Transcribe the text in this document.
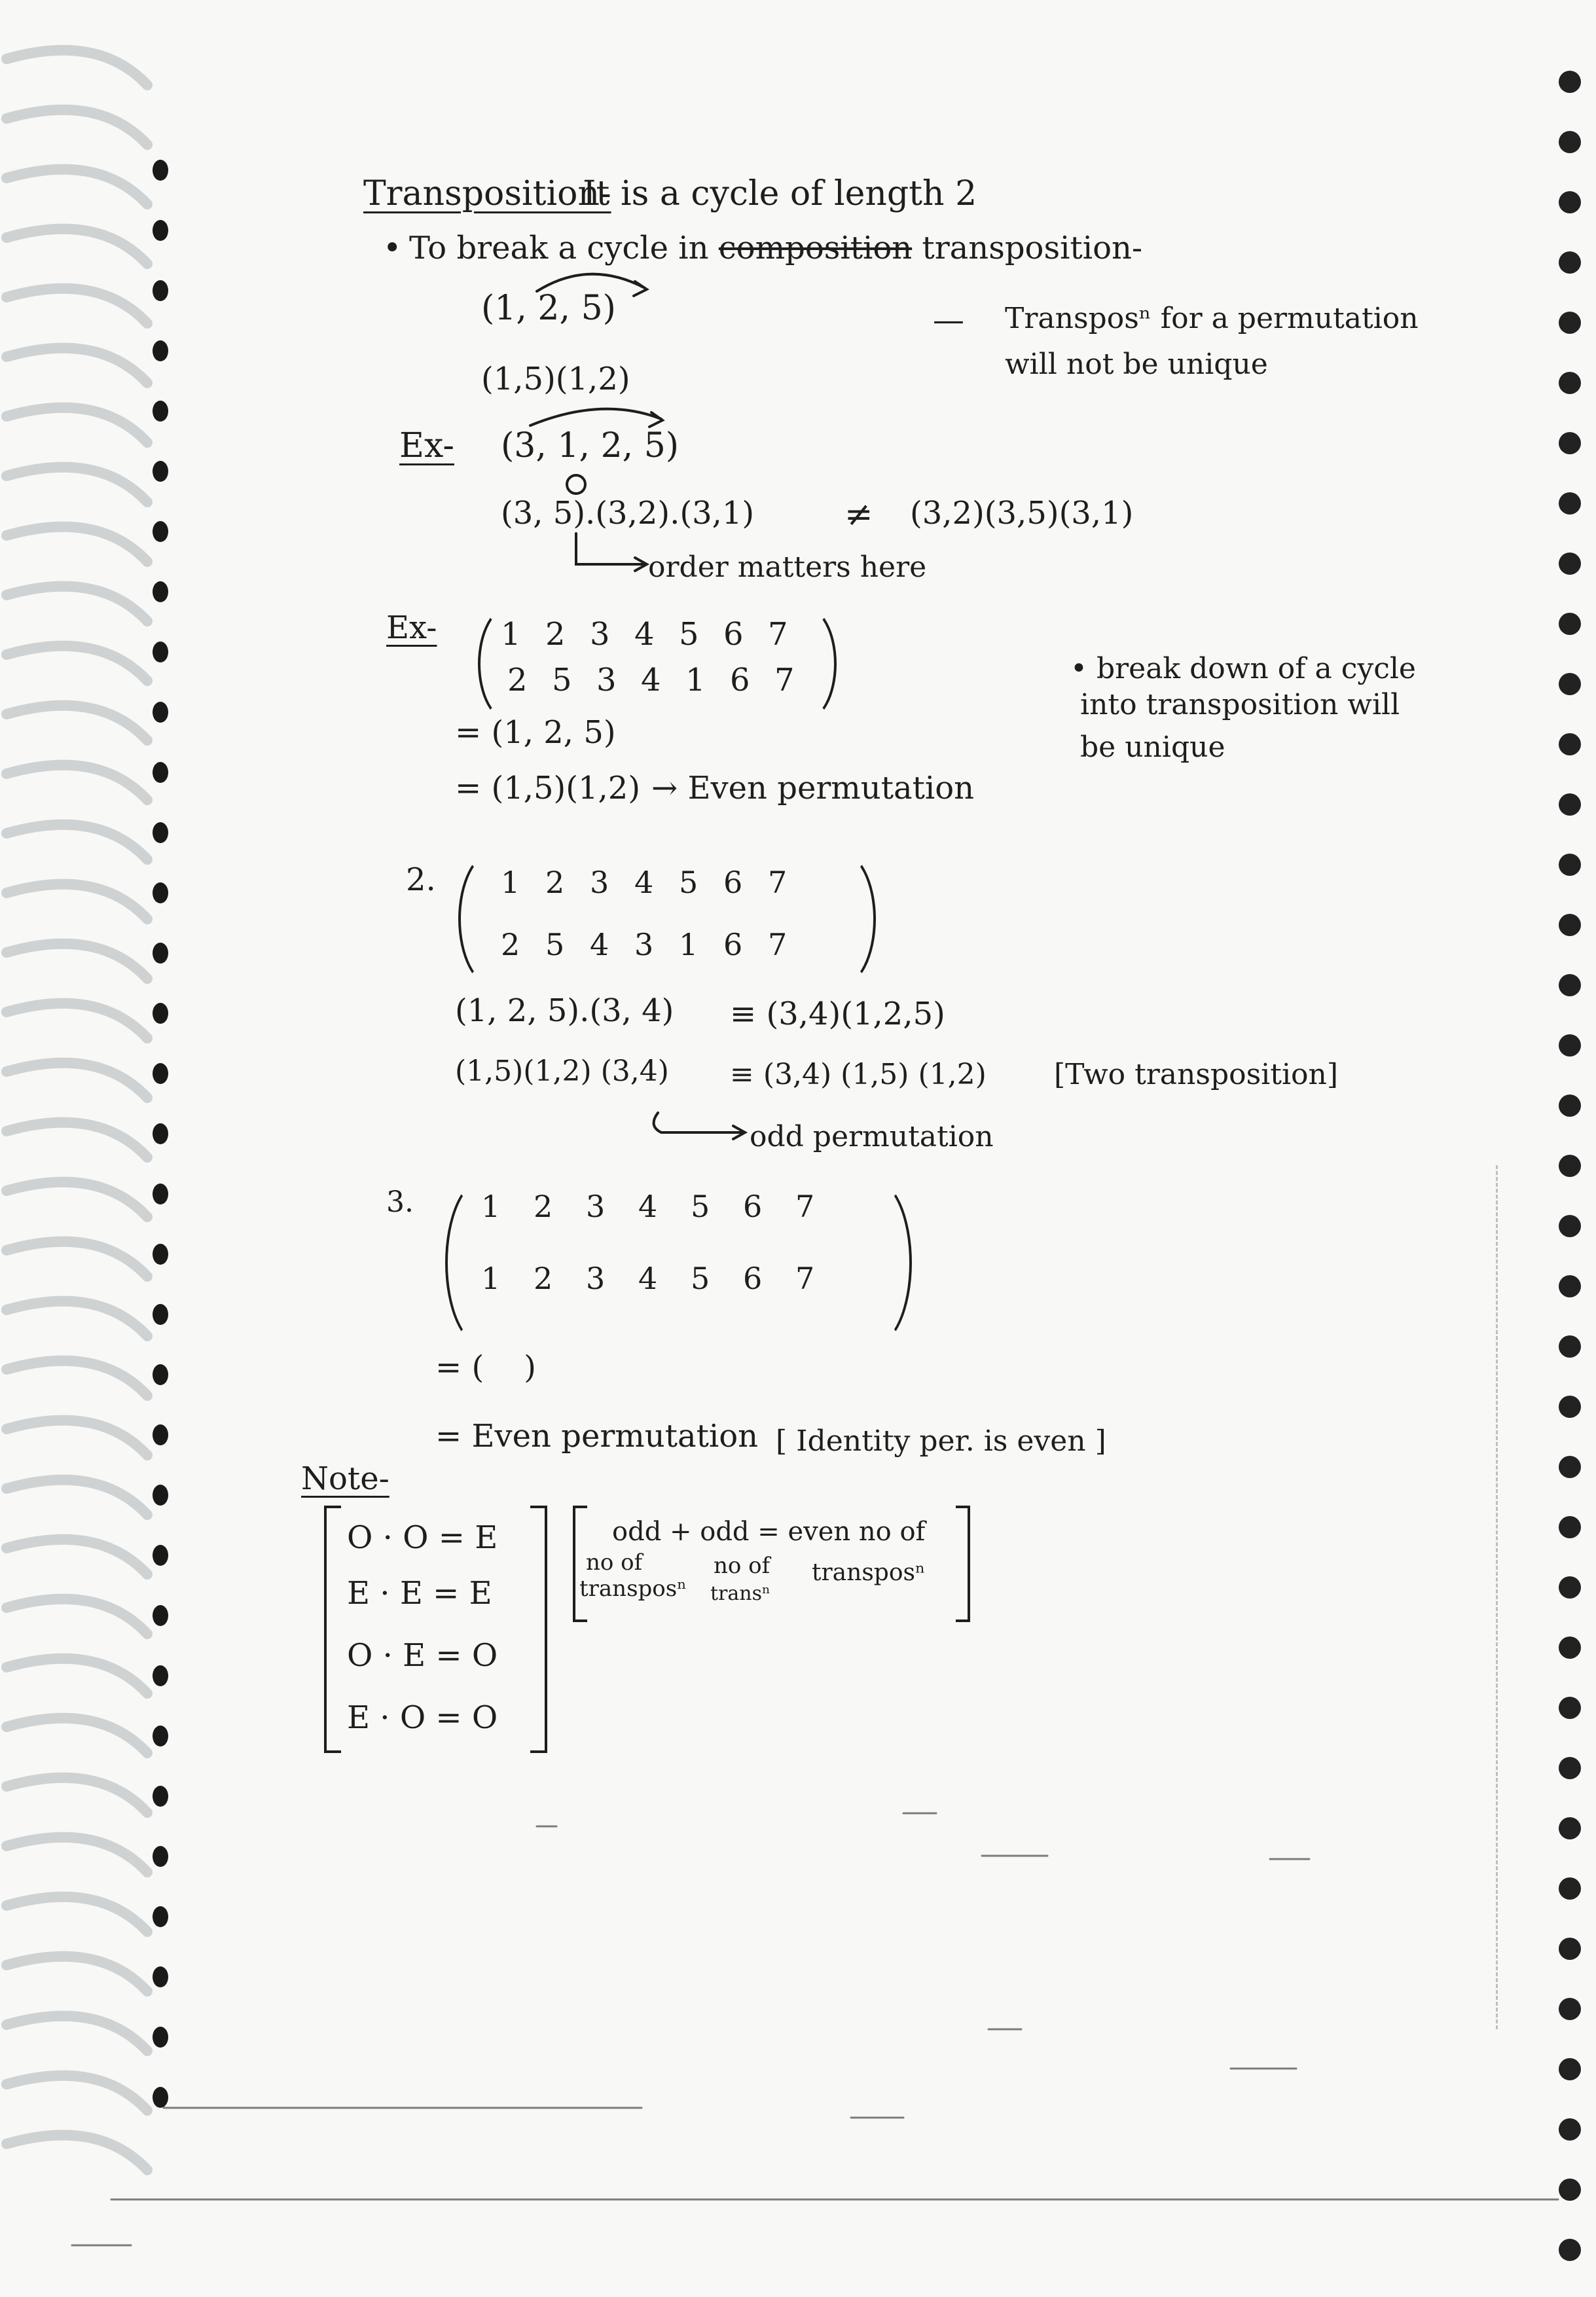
Transposition-
It is a cycle of length 2
• To break a cycle in composition transposition-
(1, 2, 5)
(1,5)(1,2)
— Transposⁿ for a permutation
will not be unique
Ex- (3, 1, 2, 5)
(3, 5).(3,2).(3,1)	≠ (3,2)(3,5)(3,1)
order matters here
Ex- 1 2 3 4 5 6 7
2 5 3 4 1 6 7
= (1, 2, 5)
= (1,5)(1,2) → Even permutation
• break down of a cycle
into transposition will
be unique
2. 1 2 3 4 5 6 7
2 5 4 3 1 6 7
(1, 2, 5).(3, 4) ≡ (3,4)(1,2,5)
(1,5)(1,2) (3,4) ≡ (3,4) (1,5) (1,2) [Two transposition]
odd permutation
3. 1 2 3 4 5 6 7
1 2 3 4 5 6 7
= (    )
= Even permutation [ Identity per. is even ]
Note-
O · O = E
E · E = E
O · E = O
E · O = O
odd + odd = even no of
no of	no of transposⁿ
transposⁿ transⁿ
